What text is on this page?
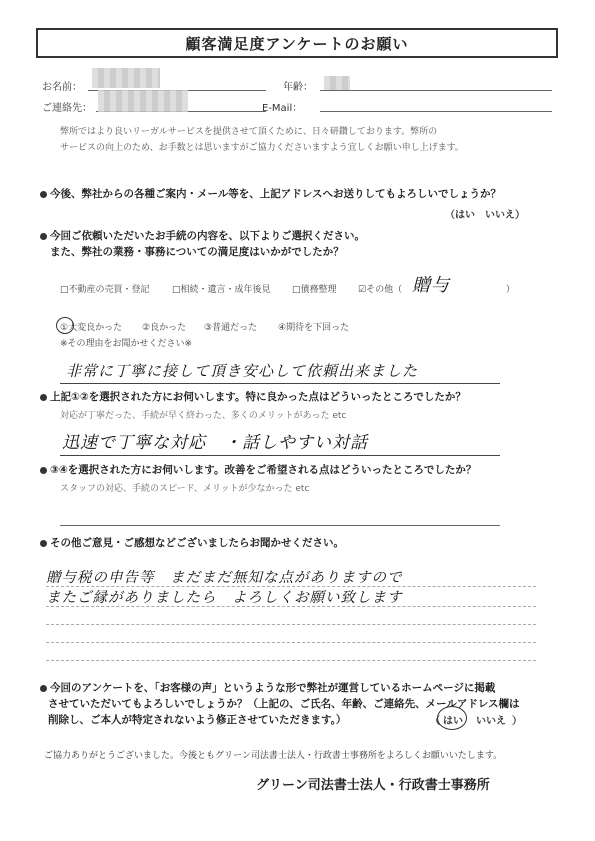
顧客満足度アンケートのお願い
お名前：	年齢：
ご連絡先：	E-Mail：
弊所ではより良いリーガルサービスを提供させて頂くために、日々研鑽しております。弊所の
サービスの向上のため、お手数とは思いますがご協力くださいますよう宜しくお願い申し上げます。
今後、弊社からの各種ご案内・メール等を、上記アドレスへお送りしてもよろしいでしょうか？
（はい　いいえ）
今回ご依頼いただいたお手続の内容を、以下よりご選択ください。
また、弊社の業務・事務についての満足度はいかがでしたか？
□不動産の売買・登記 □相続・遺言・成年後見 □債務整理 ☑その他（ 贈与	）
①大変良かった ②良かった ③普通だった ④期待を下回った
※その理由をお聞かせください※
非常に丁寧に接して頂き安心して依頼出来ました
上記①②を選択された方にお伺いします。特に良かった点はどういったところでしたか？
対応が丁寧だった、手続が早く終わった、多くのメリットがあった etc
迅速で丁寧な対応　・話しやすい対話
③④を選択された方にお伺いします。改善をご希望される点はどういったところでしたか？
スタッフの対応、手続のスピード、メリットが少なかった etc
その他ご意見・ご感想などございましたらお聞かせください。
贈与税の申告等　まだまだ無知な点がありますので
またご縁がありましたら　よろしくお願い致します
今回のアンケートを、「お客様の声」というような形で弊社が運営しているホームページに掲載
させていただいてもよろしいでしょうか？（上記の、ご氏名、年齢、ご連絡先、メールアドレス欄は
削除し、ご本人が特定されないよう修正させていただきます。）	（ はい いいえ ）
ご協力ありがとうございました。今後ともグリーン司法書士法人・行政書士事務所をよろしくお願いいたします。
グリーン司法書士法人・行政書士事務所
